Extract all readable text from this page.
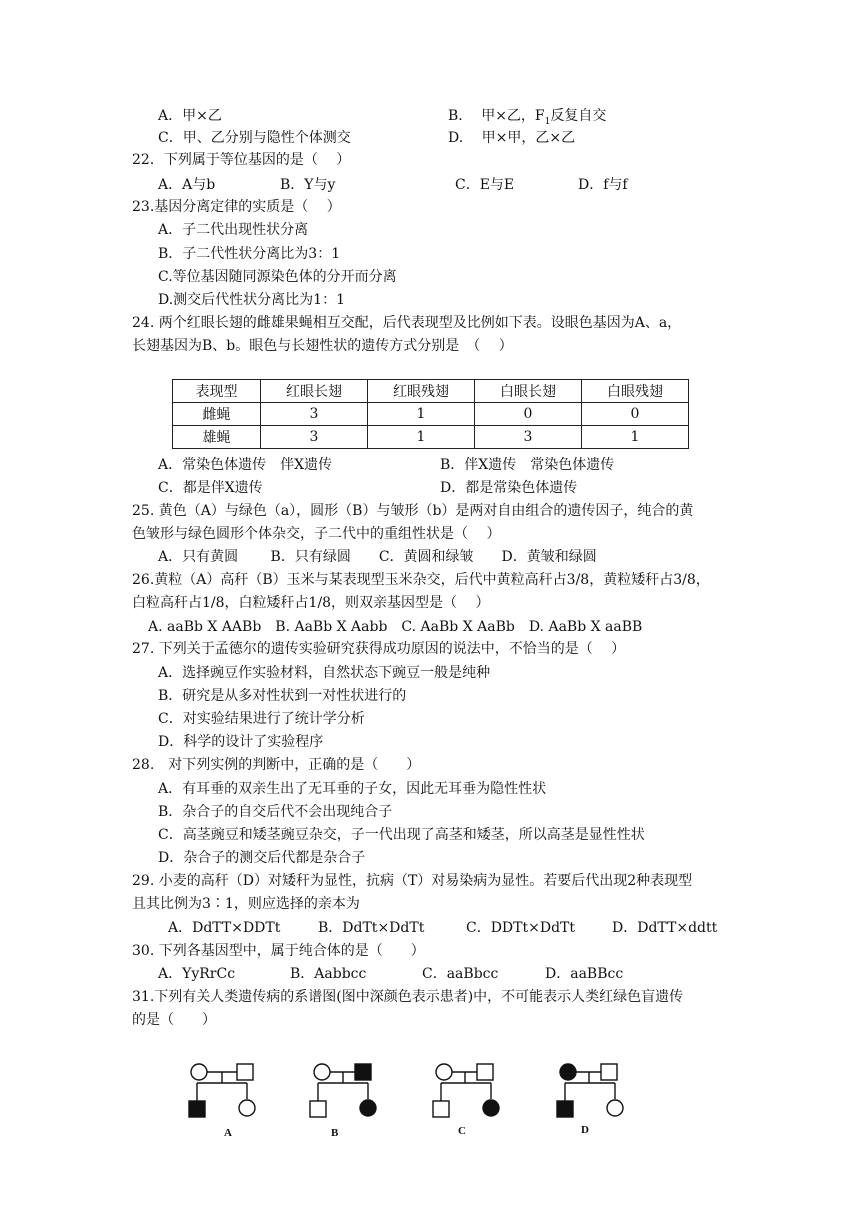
A．甲×乙	B.　 甲×乙，$F_1$反复自交
C．甲、乙分别与隐性个体测交	D.　 甲×甲，乙×乙
22．下列属于等位基因的是（　 ）
A．A与b	B．Y与y	C．E与E	D．f与f
23.基因分离定律的实质是（　 ）
A．子二代出现性状分离
B．子二代性状分离比为3：1
C.等位基因随同源染色体的分开而分离
D.测交后代性状分离比为1：1
24. 两个红眼长翅的雌雄果蝇相互交配，后代表现型及比例如下表。设眼色基因为A、a，
长翅基因为B、b。眼色与长翅性状的遗传方式分别是　（　 ）
表现型	红眼长翅	红眼残翅	白眼长翅	白眼残翅
雌蝇	3	1	0	0
雄蝇	3	1	3	1
A．常染色体遗传　伴X遗传	B．伴X遗传　常染色体遗传
C．都是伴X遗传	D．都是常染色体遗传
25. 黄色（A）与绿色（a），圆形（B）与皱形（b）是两对自由组合的遗传因子，纯合的黄
色皱形与绿色圆形个体杂交，子二代中的重组性状是（　 ）
A．只有黄圆　　 B．只有绿圆　　C．黄圆和绿皱　　D．黄皱和绿圆
26.黄粒（A）高秆（B）玉米与某表现型玉米杂交，后代中黄粒高秆占3/8，黄粒矮秆占3/8，
白粒高秆占1/8，白粒矮秆占1/8，则双亲基因型是（　 ）
A. aaBb X AABb　B. AaBb X Aabb　C. AaBb X AaBb　D. AaBb X aaBB
27. 下列关于孟德尔的遗传实验研究获得成功原因的说法中，不恰当的是（　 ）
A．选择豌豆作实验材料，自然状态下豌豆一般是纯种
B．研究是从多对性状到一对性状进行的
C．对实验结果进行了统计学分析
D．科学的设计了实验程序
28.　对下列实例的判断中，正确的是（　　）
A．有耳垂的双亲生出了无耳垂的子女，因此无耳垂为隐性性状
B．杂合子的自交后代不会出现纯合子
C．高茎豌豆和矮茎豌豆杂交，子一代出现了高茎和矮茎，所以高茎是显性性状
D．杂合子的测交后代都是杂合子
29. 小麦的高秆（D）对矮秆为显性，抗病（T）对易染病为显性。若要后代出现2种表现型
且其比例为3∶1，则应选择的亲本为
A．DdTT×DDTt	B．DdTt×DdTt	C．DDTt×DdTt	D．DdTT×ddtt
30. 下列各基因型中，属于纯合体的是（　　）
A．YyRrCc	B．Aabbcc	C．aaBbcc	D．aaBBcc
31.下列有关人类遗传病的系谱图(图中深颜色表示患者)中，不可能表示人类红绿色盲遗传
的是（　　）
A	B	C	D
